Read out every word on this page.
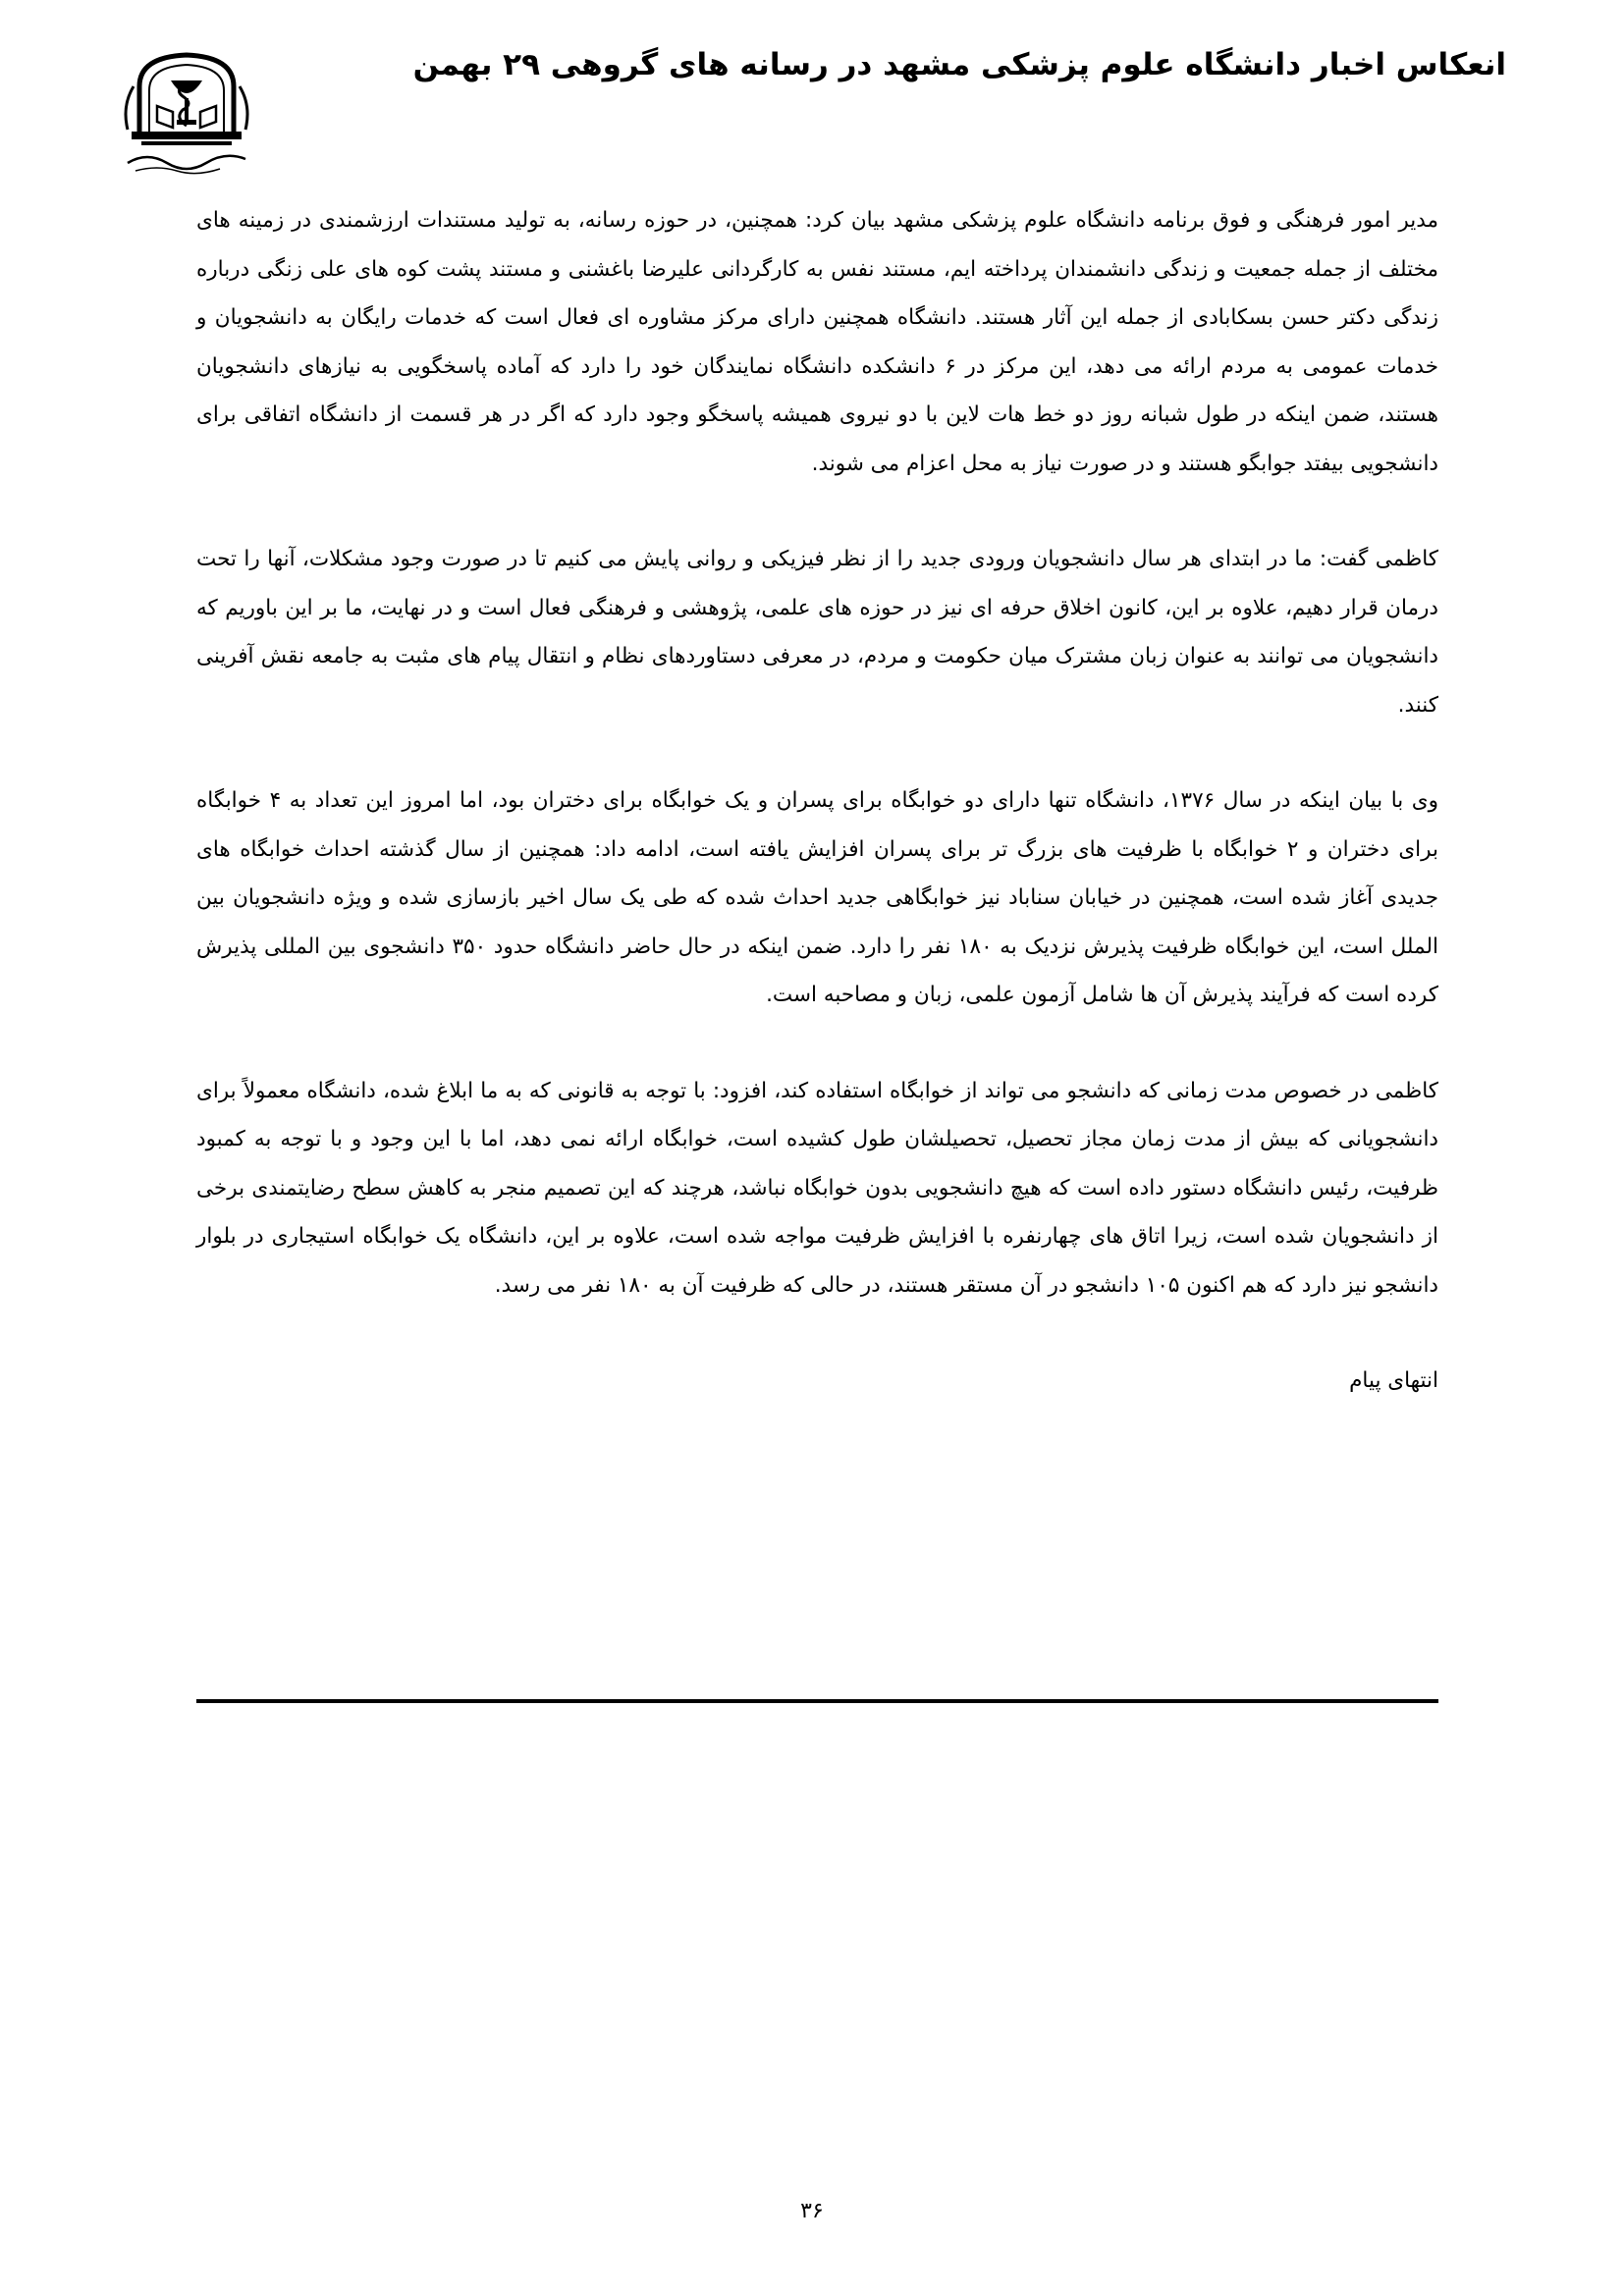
انعکاس اخبار دانشگاه علوم پزشکی مشهد در رسانه های گروهی ۲۹ بهمن

مدیر امور فرهنگی و فوق برنامه دانشگاه علوم پزشکی مشهد بیان کرد: همچنین، در حوزه رسانه، به تولید مستندات ارزشمندی در زمینه های مختلف از جمله جمعیت و زندگی دانشمندان پرداخته ایم، مستند نفس به کارگردانی علیرضا باغشنی و مستند پشت کوه های علی زنگی درباره زندگی دکتر حسن بسکابادی از جمله این آثار هستند. دانشگاه همچنین دارای مرکز مشاوره ای فعال است که خدمات رایگان به دانشجویان و خدمات عمومی به مردم ارائه می دهد، این مرکز در ۶ دانشکده دانشگاه نمایندگان خود را دارد که آماده پاسخگویی به نیازهای دانشجویان هستند، ضمن اینکه در طول شبانه روز دو خط هات لاین با دو نیروی همیشه پاسخگو وجود دارد که اگر در هر قسمت از دانشگاه اتفاقی برای دانشجویی بیفتد جوابگو هستند و در صورت نیاز به محل اعزام می شوند.

کاظمی گفت: ما در ابتدای هر سال دانشجویان ورودی جدید را از نظر فیزیکی و روانی پایش می کنیم تا در صورت وجود مشکلات، آنها را تحت درمان قرار دهیم، علاوه بر این، کانون اخلاق حرفه ای نیز در حوزه های علمی، پژوهشی و فرهنگی فعال است و در نهایت، ما بر این باوریم که دانشجویان می توانند به عنوان زبان مشترک میان حکومت و مردم، در معرفی دستاوردهای نظام و انتقال پیام های مثبت به جامعه نقش آفرینی کنند.

وی با بیان اینکه در سال ۱۳۷۶، دانشگاه تنها دارای دو خوابگاه برای پسران و یک خوابگاه برای دختران بود، اما امروز این تعداد به ۴ خوابگاه برای دختران و ۲ خوابگاه با ظرفیت های بزرگ تر برای پسران افزایش یافته است، ادامه داد: همچنین از سال گذشته احداث خوابگاه های جدیدی آغاز شده است، همچنین در خیابان سناباد نیز خوابگاهی جدید احداث شده که طی یک سال اخیر بازسازی شده و ویژه دانشجویان بین الملل است، این خوابگاه ظرفیت پذیرش نزدیک به ۱۸۰ نفر را دارد. ضمن اینکه در حال حاضر دانشگاه حدود ۳۵۰ دانشجوی بین المللی پذیرش کرده است که فرآیند پذیرش آن ها شامل آزمون علمی، زبان و مصاحبه است.

کاظمی در خصوص مدت زمانی که دانشجو می تواند از خوابگاه استفاده کند، افزود: با توجه به قانونی که به ما ابلاغ شده، دانشگاه معمولاً برای دانشجویانی که بیش از مدت زمان مجاز تحصیل، تحصیلشان طول کشیده است، خوابگاه ارائه نمی دهد، اما با این وجود و با توجه به کمبود ظرفیت، رئیس دانشگاه دستور داده است که هیچ دانشجویی بدون خوابگاه نباشد، هرچند که این تصمیم منجر به کاهش سطح رضایتمندی برخی از دانشجویان شده است، زیرا اتاق های چهارنفره با افزایش ظرفیت مواجه شده است، علاوه بر این، دانشگاه یک خوابگاه استیجاری در بلوار دانشجو نیز دارد که هم اکنون ۱۰۵ دانشجو در آن مستقر هستند، در حالی که ظرفیت آن به ۱۸۰ نفر می رسد.

انتهای پیام

۳۶
